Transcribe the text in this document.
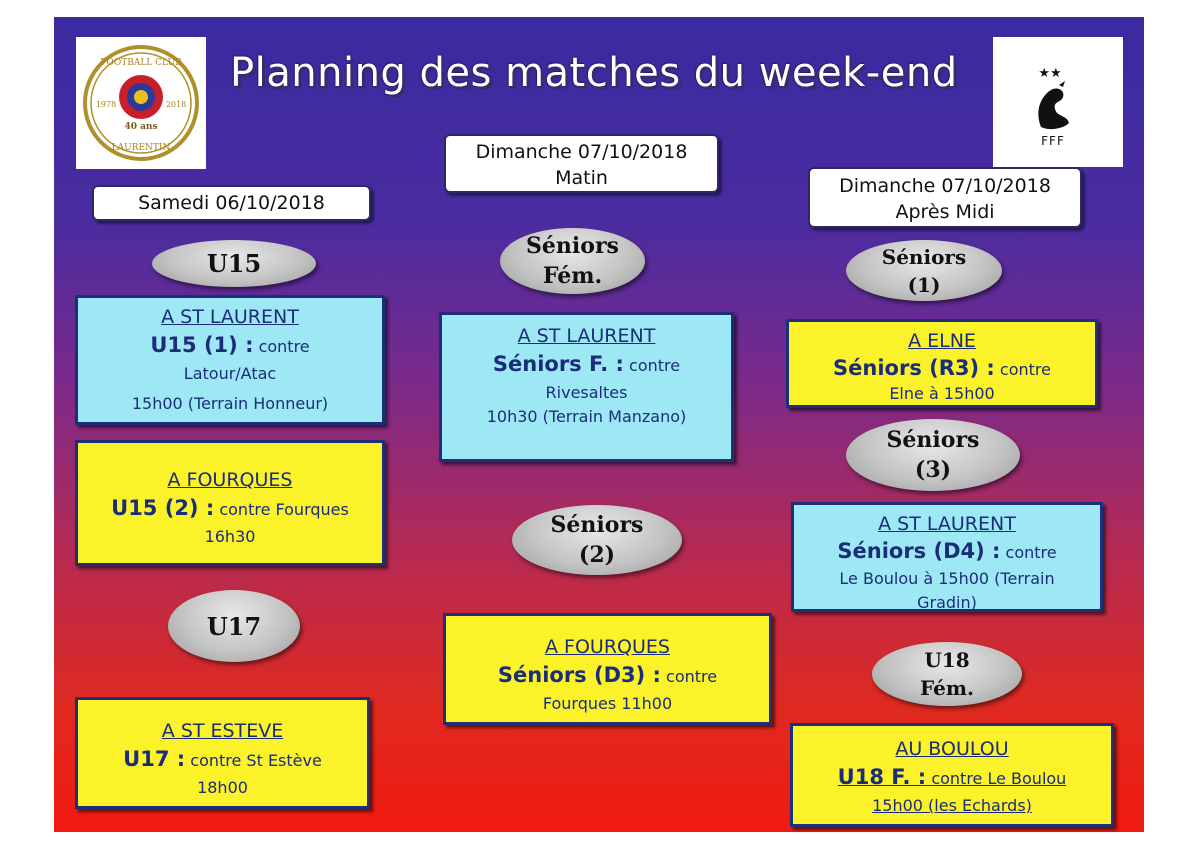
FOOTBALL CLUB
LAURENTIN
1978	2018
40 ans
★★
FFF
Planning des matches du week-end
Samedi 06/10/2018
Dimanche 07/10/2018
Matin	Dimanche 07/10/2018
Après Midi
U15
U17
Séniors
Fém.
Séniors
(2)
Séniors
(1)
Séniors
(3)
U18
Fém.
A ST LAURENT
U15 (1) : contre
Latour/Atac
15h00 (Terrain Honneur)
A FOURQUES
U15 (2) : contre Fourques
16h30
A ST ESTEVE
U17 : contre St Estève
18h00
A ST LAURENT
Séniors F. : contre
Rivesaltes
10h30 (Terrain Manzano)
A FOURQUES
Séniors (D3) : contre
Fourques 11h00
A ELNE
Séniors (R3) : contre
Elne à 15h00
A ST LAURENT
Séniors (D4) : contre
Le Boulou à 15h00 (Terrain
Gradin)
AU BOULOU
U18 F. : contre Le Boulou
15h00 (les Echards)
